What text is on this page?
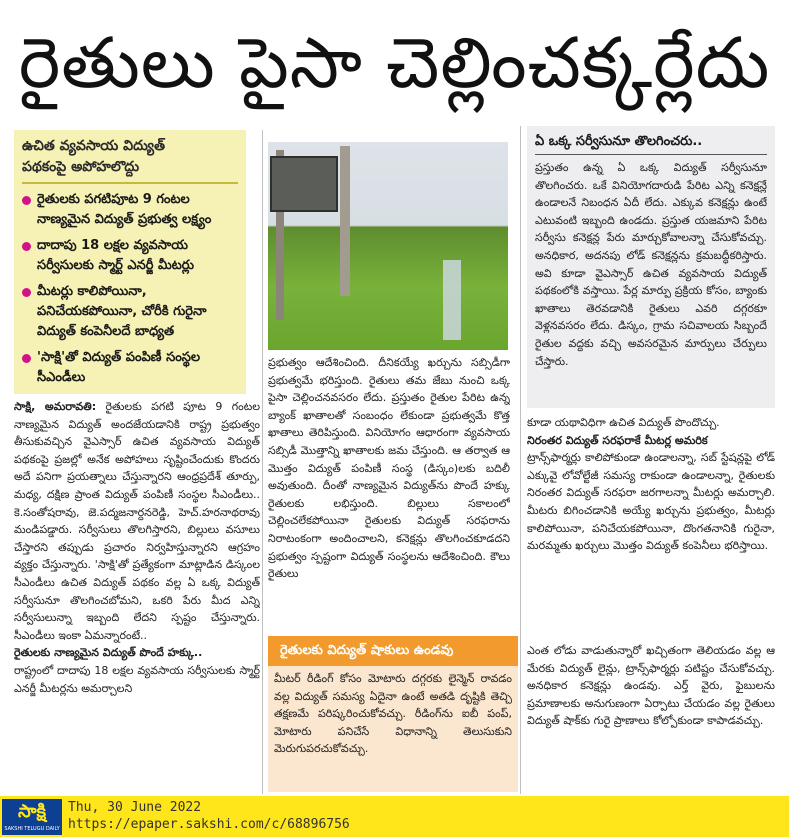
రైతులు పైసా చెల్లించక్కర్లేదు
ఉచిత వ్యవసాయ విద్యుత్
పథకంపై అపోహలొద్దు
రైతులకు పగటిపూట 9 గంటల నాణ్యమైన విద్యుత్ ప్రభుత్వ లక్ష్యం
దాదాపు 18 లక్షల వ్యవసాయ సర్వీసులకు స్మార్ట్ ఎనర్జీ మీటర్లు
మీటర్లు కాలిపోయినా, పనిచేయకపోయినా, చోరీకి గురైనా విద్యుత్ కంపెనీలదే బాధ్యత
'సాక్షి'తో విద్యుత్ పంపిణీ సంస్థల సీఎండీలు
ఏ ఒక్క సర్వీసునూ తొలగించరు..
ప్రస్తుతం ఉన్న ఏ ఒక్క విద్యుత్ సర్వీసునూ తొలగించరు. ఒకే వినియోగదారుడి పేరిట ఎన్ని కనెక్షన్లే ఉండాలనే నిబంధన ఏదీ లేదు. ఎక్కువ కనెక్షన్లు ఉంటే ఎటువంటి ఇబ్బంది ఉండదు. ప్రస్తుత యజమాని పేరిట సర్వీసు కనెక్షన్ల పేరు మార్చుకోవాలన్నా చేసుకోవచ్చు. అనధికార, అదనపు లోడ్ కనెక్షన్లను క్రమబద్ధీకరిస్తారు. అవి కూడా వైఎస్సార్ ఉచిత వ్యవసాయ విద్యుత్ పథకంలోకి వస్తాయి. పేర్ల మార్పు ప్రక్రియ కోసం, బ్యాంకు ఖాతాలు తెరవడానికి రైతులు ఎవరి దగ్గరకూ వెళ్లనవసరం లేదు. డిస్కం, గ్రామ సచివాలయ సిబ్బందే రైతుల వద్దకు వచ్చి అవసరమైన మార్పులు చేర్పులు చేస్తారు.
సాక్షి, అమరావతి: రైతులకు పగటి పూట 9 గంటల నాణ్యమైన విద్యుత్ అందజేయడానికి రాష్ట్ర ప్రభుత్వం తీసుకువచ్చిన వైఎస్సార్ ఉచిత వ్యవసాయ విద్యుత్ పథకంపై ప్రజల్లో అనేక అపోహలు సృష్టించేందుకు కొందరు అదే పనిగా ప్రయత్నాలు చేస్తున్నారని ఆంధ్రప్రదేశ్ తూర్పు, మధ్య, దక్షిణ ప్రాంత విద్యుత్ పంపిణీ సంస్థల సీఎండీలు.. కె.సంతోషరావు, జె.పద్మజనార్దనరెడ్డి, హెచ్.హరనాథరావు మండిపడ్డారు. సర్వీసులు తొలగిస్తారని, బిల్లులు వసూలు చేస్తారని తప్పుడు ప్రచారం నిర్వహిస్తున్నారని ఆగ్రహం వ్యక్తం చేస్తున్నారు. 'సాక్షి'తో ప్రత్యేకంగా మాట్లాడిన డిస్కంల సీఎండీలు ఉచిత విద్యుత్ పథకం వల్ల ఏ ఒక్క విద్యుత్ సర్వీసునూ తొలగించబోమని, ఒకరి పేరు మీద ఎన్ని సర్వీసులున్నా ఇబ్బంది లేదని స్పష్టం చేస్తున్నారు. సీఎండీలు ఇంకా ఏమన్నారంటే..
రైతులకు నాణ్యమైన విద్యుత్ పొందే హక్కు..
రాష్ట్రంలో దాదాపు 18 లక్షల వ్యవసాయ సర్వీసులకు స్మార్ట్ ఎనర్జీ మీటర్లను అమర్చాలని
ప్రభుత్వం ఆదేశించింది. దీనికయ్యే ఖర్చును సబ్సిడీగా ప్రభుత్వమే భరిస్తుంది. రైతులు తమ జేబు నుంచి ఒక్క పైసా చెల్లించనవసరం లేదు. ప్రస్తుతం రైతుల పేరిట ఉన్న బ్యాంక్ ఖాతాలతో సంబంధం లేకుండా ప్రభుత్వమే కొత్త ఖాతాలు తెరిపిస్తుంది. వినియోగం ఆధారంగా వ్యవసాయ సబ్సిడీ మొత్తాన్ని ఖాతాలకు జమ చేస్తుంది. ఆ తర్వాత ఆ మొత్తం విద్యుత్ పంపిణీ సంస్థ (డిస్కం)లకు బదిలీ అవుతుంది. దీంతో నాణ్యమైన విద్యుత్‌ను పొందే హక్కు రైతులకు లభిస్తుంది. బిల్లులు సకాలంలో చెల్లించలేకపోయినా రైతులకు విద్యుత్ సరఫరాను నిరాటంకంగా అందించాలని, కనెక్షన్లు తొలగించకూడదని ప్రభుత్వం స్పష్టంగా విద్యుత్ సంస్థలను ఆదేశించింది. కౌలు రైతులు
కూడా యథావిధిగా ఉచిత విద్యుత్ పొందొచ్చు.
నిరంతర విద్యుత్ సరఫరాకే మీటర్ల అమరిక
ట్రాన్స్‌ఫార్మర్లు కాలిపోకుండా ఉండాలన్నా, సబ్ స్టేషన్లపై లోడ్ ఎక్కువై లోవోల్టేజీ సమస్య రాకుండా ఉండాలన్నా, రైతులకు నిరంతర విద్యుత్ సరఫరా జరగాలన్నా మీటర్లు అమర్చాలి. మీటరు బిగించడానికి అయ్యే ఖర్చును ప్రభుత్వం, మీటర్లు కాలిపోయినా, పనిచేయకపోయినా, దొంగతనానికి గురైనా, మరమ్మతు ఖర్చులు మొత్తం విద్యుత్ కంపెనీలు భరిస్తాయి.
రైతులకు విద్యుత్ షాకులు ఉండవు
మీటర్ రీడింగ్ కోసం మోటారు దగ్గరకు లైన్మెన్ రావడం వల్ల విద్యుత్ సమస్య ఏదైనా ఉంటే అతడి దృష్టికి తెచ్చి తక్షణమే పరిష్కరించుకోవచ్చు. రీడింగ్‌ను ఐబీ పంప్, మోటారు పనిచేసే విధానాన్ని తెలుసుకుని మెరుగుపరచుకోవచ్చు.
ఎంత లోడు వాడుతున్నారో ఖచ్చితంగా తెలియడం వల్ల ఆ మేరకు విద్యుత్ లైన్లు, ట్రాన్స్‌ఫార్మర్లు పటిష్టం చేసుకోవచ్చు. అనధికార కనెక్షన్లు ఉండవు. ఎర్త్ వైరు, ఫైబులను ప్రమాణాలకు అనుగుణంగా ఏర్పాటు చేయడం వల్ల రైతులు విద్యుత్ షాక్‌కు గురై ప్రాణాలు కోల్పోకుండా కాపాడవచ్చు.
సాక్షి
SAKSHI TELUGU DAILY
Thu, 30 June 2022
https://epaper.sakshi.com/c/68896756
